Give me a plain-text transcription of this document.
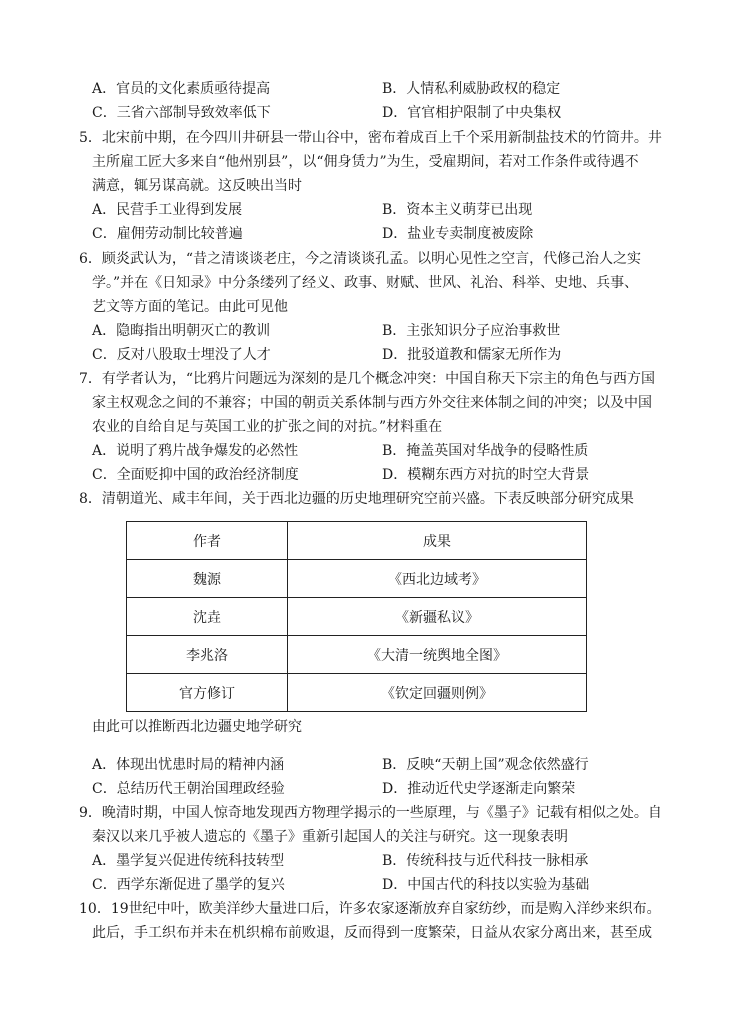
A．官员的文化素质亟待提高	B．人情私利威胁政权的稳定
C．三省六部制导致效率低下	D．官官相护限制了中央集权
5．北宋前中期，在今四川井研县一带山谷中，密布着成百上千个采用新制盐技术的竹筒井。井
主所雇工匠大多来自“他州别县”，以“佣身赁力”为生，受雇期间，若对工作条件或待遇不
满意，辄另谋高就。这反映出当时
A．民营手工业得到发展	B．资本主义萌芽已出现
C．雇佣劳动制比较普遍	D．盐业专卖制度被废除
6．顾炎武认为，“昔之清谈谈老庄，今之清谈谈孔孟。以明心见性之空言，代修己治人之实
学。”并在《日知录》中分条缕列了经义、政事、财赋、世风、礼治、科举、史地、兵事、
艺文等方面的笔记。由此可见他
A．隐晦指出明朝灭亡的教训	B．主张知识分子应治事救世
C．反对八股取士埋没了人才	D．批驳道教和儒家无所作为
7．有学者认为，“比鸦片问题远为深刻的是几个概念冲突：中国自称天下宗主的角色与西方国
家主权观念之间的不兼容；中国的朝贡关系体制与西方外交往来体制之间的冲突；以及中国
农业的自给自足与英国工业的扩张之间的对抗。”材料重在
A．说明了鸦片战争爆发的必然性	B．掩盖英国对华战争的侵略性质
C．全面贬抑中国的政治经济制度	D．模糊东西方对抗的时空大背景
8．清朝道光、咸丰年间，关于西北边疆的历史地理研究空前兴盛。下表反映部分研究成果
作者	成果
魏源	《西北边域考》
沈垚	《新疆私议》
李兆洛	《大清一统舆地全图》
官方修订	《钦定回疆则例》
由此可以推断西北边疆史地学研究
A．体现出忧患时局的精神内涵	B．反映“天朝上国”观念依然盛行
C．总结历代王朝治国理政经验	D．推动近代史学逐渐走向繁荣
9．晚清时期，中国人惊奇地发现西方物理学揭示的一些原理，与《墨子》记载有相似之处。自
秦汉以来几乎被人遗忘的《墨子》重新引起国人的关注与研究。这一现象表明
A．墨学复兴促进传统科技转型	B．传统科技与近代科技一脉相承
C．西学东渐促进了墨学的复兴	D．中国古代的科技以实验为基础
10．19世纪中叶，欧美洋纱大量进口后，许多农家逐渐放弃自家纺纱，而是购入洋纱来织布。
此后，手工织布并未在机织棉布前败退，反而得到一度繁荣，日益从农家分离出来，甚至成
